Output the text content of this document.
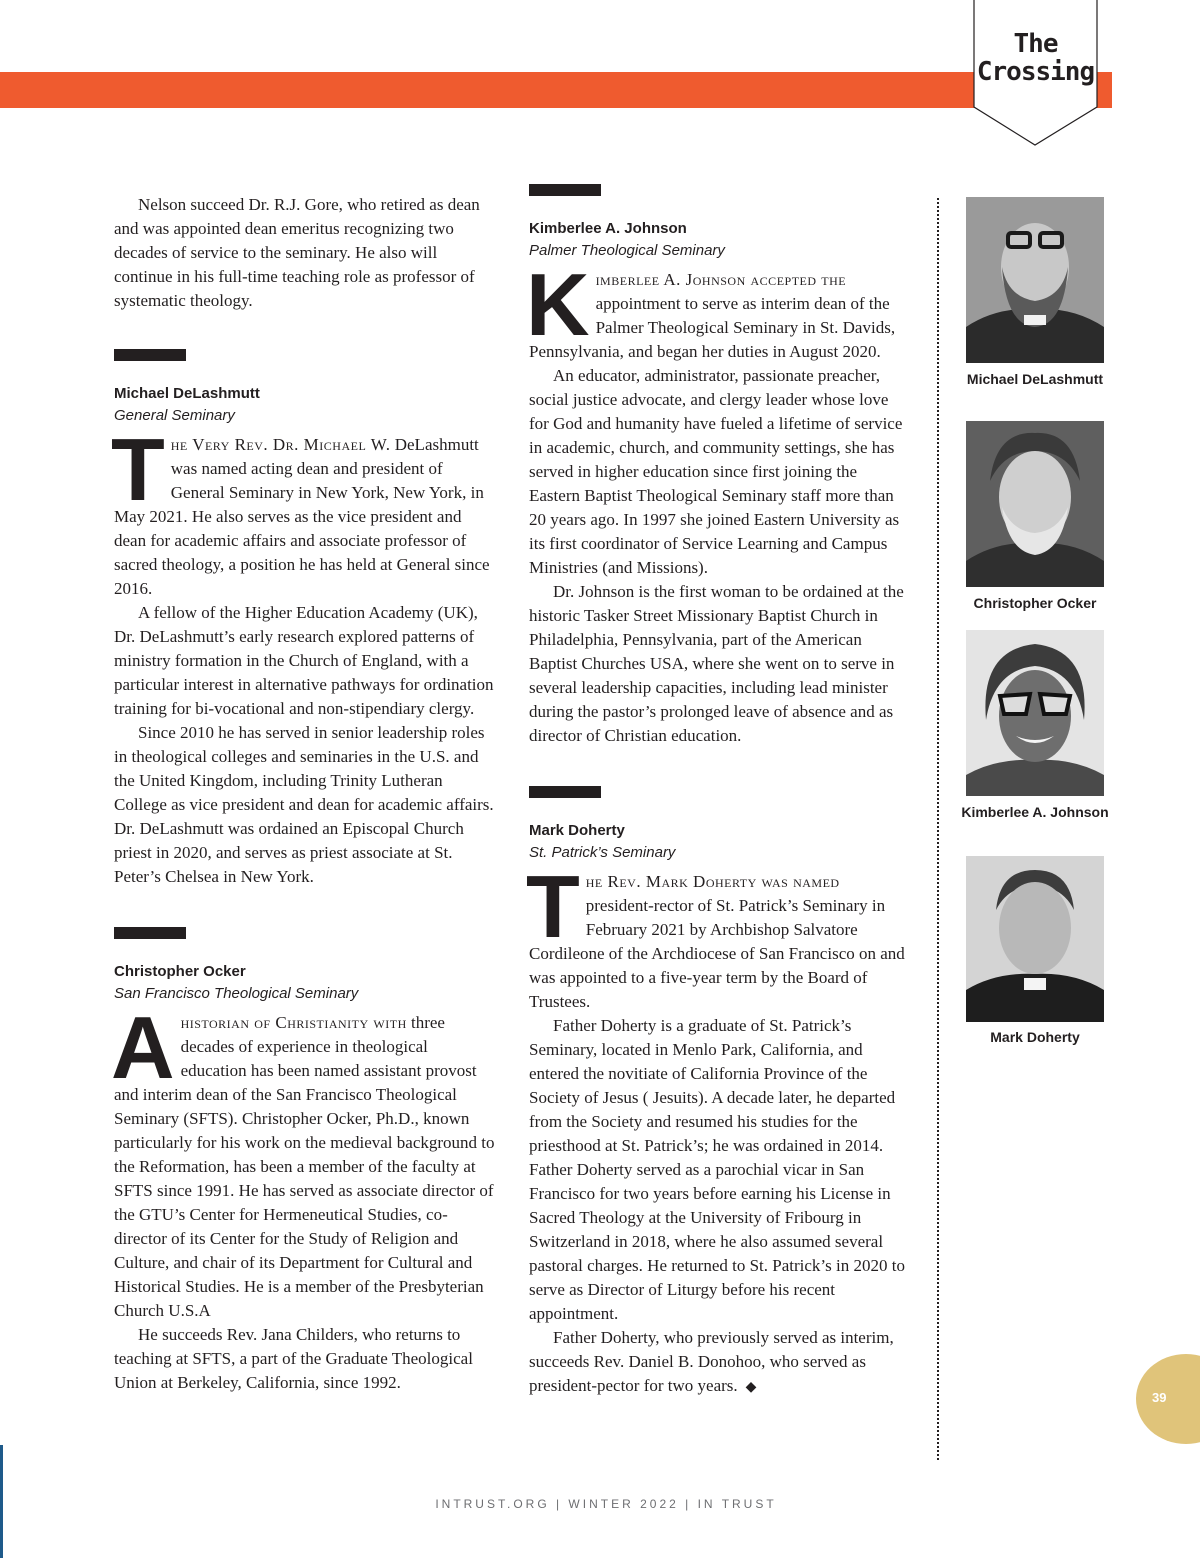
The
Crossing

Nelson succeed Dr. R.J. Gore, who retired as dean and was appointed dean emeritus recognizing two decades of service to the seminary. He also will continue in his full-time teaching role as professor of systematic theology.

Michael DeLashmutt
General Seminary

The Very Rev. Dr. Michael W. DeLashmutt was named acting dean and president of General Seminary in New York, New York, in May 2021. He also serves as the vice president and dean for academic affairs and associate professor of sacred theology, a position he has held at General since 2016.

A fellow of the Higher Education Academy (UK), Dr. DeLashmutt’s early research explored patterns of ministry formation in the Church of England, with a particular interest in alternative pathways for ordination training for bi-vocational and non-stipendiary clergy.

Since 2010 he has served in senior leadership roles in theological colleges and seminaries in the U.S. and the United Kingdom, including Trinity Lutheran College as vice president and dean for academic affairs. Dr. DeLashmutt was ordained an Episcopal Church priest in 2020, and serves as priest associate at St. Peter’s Chelsea in New York.

Christopher Ocker
San Francisco Theological Seminary

Ahistorian of Christianity with three decades of experience in theological education has been named assistant provost and interim dean of the San Francisco Theological Seminary (SFTS). Christopher Ocker, Ph.D., known particularly for his work on the medieval background to the Reformation, has been a member of the faculty at SFTS since 1991. He has served as associate director of the GTU’s Center for Hermeneutical Studies, co-director of its Center for the Study of Religion and Culture, and chair of its Department for Cultural and Historical Studies. He is a member of the Presbyterian Church U.S.A

He succeeds Rev. Jana Childers, who returns to teaching at SFTS, a part of the Graduate Theological Union at Berkeley, California, since 1992.

Kimberlee A. Johnson
Palmer Theological Seminary

Kimberlee A. Johnson accepted the appointment to serve as interim dean of the Palmer Theological Seminary in St. Davids, Pennsylvania, and began her duties in August 2020.

An educator, administrator, passionate preacher, social justice advocate, and clergy leader whose love for God and humanity have fueled a lifetime of service in academic, church, and community settings, she has served in higher education since first joining the Eastern Baptist Theological Seminary staff more than 20 years ago. In 1997 she joined Eastern University as its first coordinator of Service Learning and Campus Ministries (and Missions).

Dr. Johnson is the first woman to be ordained at the historic Tasker Street Missionary Baptist Church in Philadelphia, Pennsylvania, part of the American Baptist Churches USA, where she went on to serve in several leadership capacities, including lead minister during the pastor’s prolonged leave of absence and as director of Christian education.

Mark Doherty
St. Patrick’s Seminary

The Rev. Mark Doherty was named president-rector of St. Patrick’s Seminary in February 2021 by Archbishop Salvatore Cordileone of the Archdiocese of San Francisco on and was appointed to a five-year term by the Board of Trustees.

Father Doherty is a graduate of St. Patrick’s Seminary, located in Menlo Park, California, and entered the novitiate of California Province of the Society of Jesus ( Jesuits). A decade later, he departed from the Society and resumed his studies for the priesthood at St. Patrick’s; he was ordained in 2014. Father Doherty served as a parochial vicar in San Francisco for two years before earning his License in Sacred Theology at the University of Fribourg in Switzerland in 2018, where he also assumed several pastoral charges. He returned to St. Patrick’s in 2020 to serve as Director of Liturgy before his recent appointment.

Father Doherty, who previously served as interim, succeeds Rev. Daniel B. Donohoo, who served as president-pector for two years. ◆

Michael DeLashmutt
Christopher Ocker
Kimberlee A. Johnson
Mark Doherty
39
INTRUST.ORG | WINTER 2022 | IN TRUST
